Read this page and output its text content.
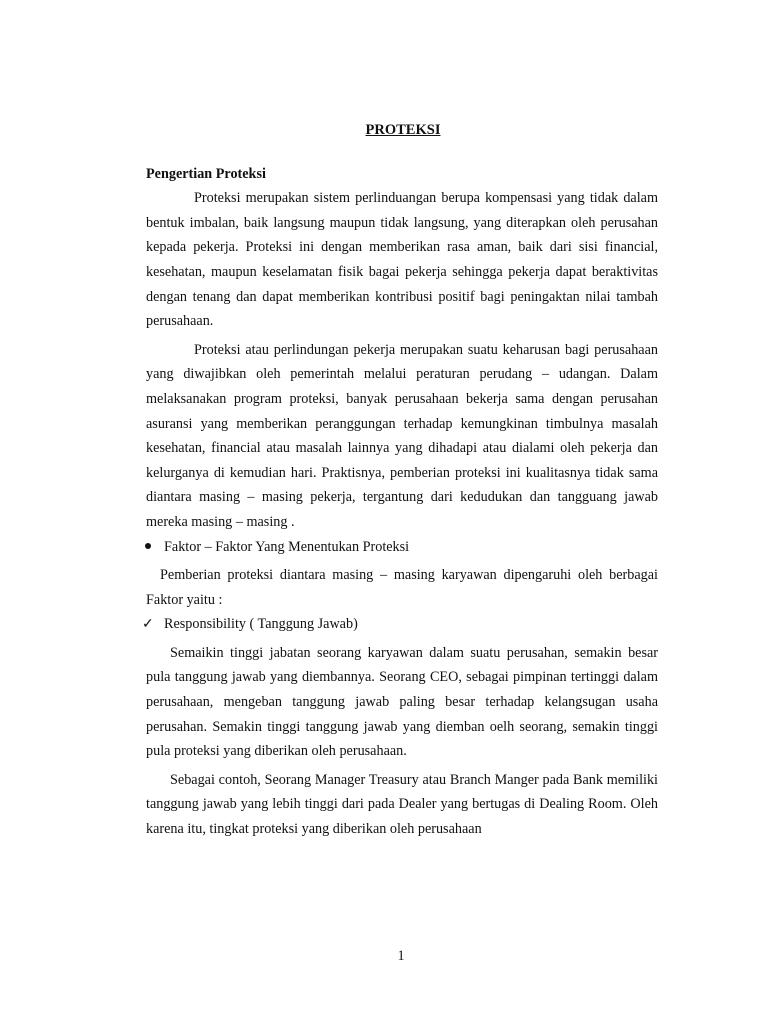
PROTEKSI

Pengertian Proteksi

Proteksi merupakan sistem perlinduangan berupa kompensasi yang tidak dalam bentuk imbalan, baik langsung maupun tidak langsung, yang diterapkan oleh perusahan kepada pekerja. Proteksi ini dengan memberikan rasa aman, baik dari sisi financial, kesehatan, maupun keselamatan fisik bagai pekerja sehingga pekerja dapat beraktivitas dengan tenang dan dapat memberikan kontribusi positif bagi peningaktan nilai tambah perusahaan.

Proteksi atau perlindungan pekerja merupakan suatu keharusan bagi perusahaan yang diwajibkan oleh pemerintah melalui peraturan perudang – udangan. Dalam melaksanakan program proteksi, banyak perusahaan bekerja sama dengan perusahan asuransi yang memberikan peranggungan terhadap kemungkinan timbulnya masalah kesehatan, financial atau masalah lainnya yang dihadapi atau dialami oleh pekerja dan kelurganya di kemudian hari. Praktisnya, pemberian proteksi ini kualitasnya tidak sama diantara masing – masing pekerja, tergantung dari kedudukan dan tangguang jawab mereka masing – masing .

Faktor – Faktor Yang Menentukan Proteksi

Pemberian proteksi diantara masing – masing karyawan dipengaruhi oleh berbagai Faktor yaitu :

✓ Responsibility ( Tanggung Jawab)

Semaikin tinggi jabatan seorang karyawan dalam suatu perusahan, semakin besar pula tanggung jawab yang diembannya. Seorang CEO, sebagai pimpinan tertinggi dalam perusahaan, mengeban tanggung jawab paling besar terhadap kelangsugan usaha perusahan. Semakin tinggi tanggung jawab yang diemban oelh seorang, semakin tinggi pula proteksi yang diberikan oleh perusahaan.

Sebagai contoh, Seorang Manager Treasury atau Branch Manger pada Bank memiliki tanggung jawab yang lebih tinggi dari pada Dealer yang bertugas di Dealing Room. Oleh karena itu, tingkat proteksi yang diberikan oleh perusahaan

1
